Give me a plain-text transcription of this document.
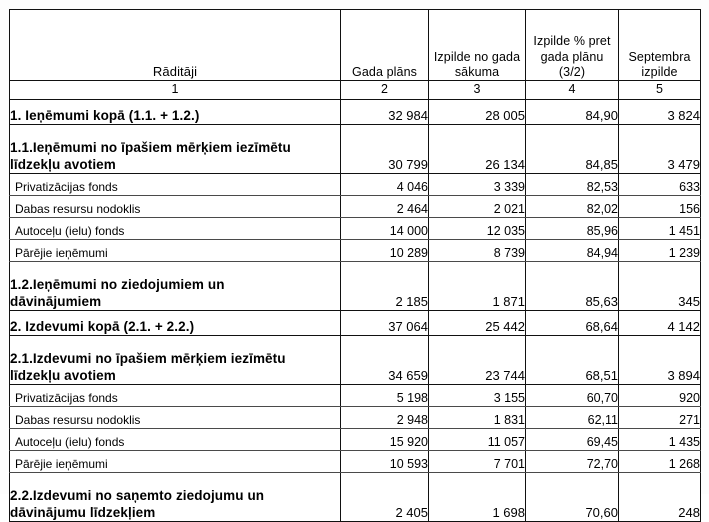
Rāditāji	Gada plāns	Izpilde no gada sākuma	Izpilde % pret gada plānu (3/2)	Septembra izpilde
1	2	3	4	5

1. Ieņēmumi kopā (1.1. + 1.2.)	32 984	28 005	84,90	3 824

1.1.Ieņēmumi no īpašiem mērķiem iezīmētu
līdzekļu avotiem	30 799	26 134	84,85	3 479

Privatizācijas fonds	4 046	3 339	82,53	633

Dabas resursu nodoklis	2 464	2 021	82,02	156

Autoceļu (ielu) fonds	14 000	12 035	85,96	1 451

Pārējie ieņēmumi	10 289	8 739	84,94	1 239

1.2.Ieņēmumi no ziedojumiem un
dāvinājumiem	2 185	1 871	85,63	345

2. Izdevumi kopā (2.1. + 2.2.)	37 064	25 442	68,64	4 142

2.1.Izdevumi no īpašiem mērķiem iezīmētu
līdzekļu avotiem	34 659	23 744	68,51	3 894

Privatizācijas fonds	5 198	3 155	60,70	920

Dabas resursu nodoklis	2 948	1 831	62,11	271

Autoceļu (ielu) fonds	15 920	11 057	69,45	1 435

Pārējie ieņēmumi	10 593	7 701	72,70	1 268

2.2.Izdevumi no saņemto ziedojumu un
dāvinājumu līdzekļiem	2 405	1 698	70,60	248
